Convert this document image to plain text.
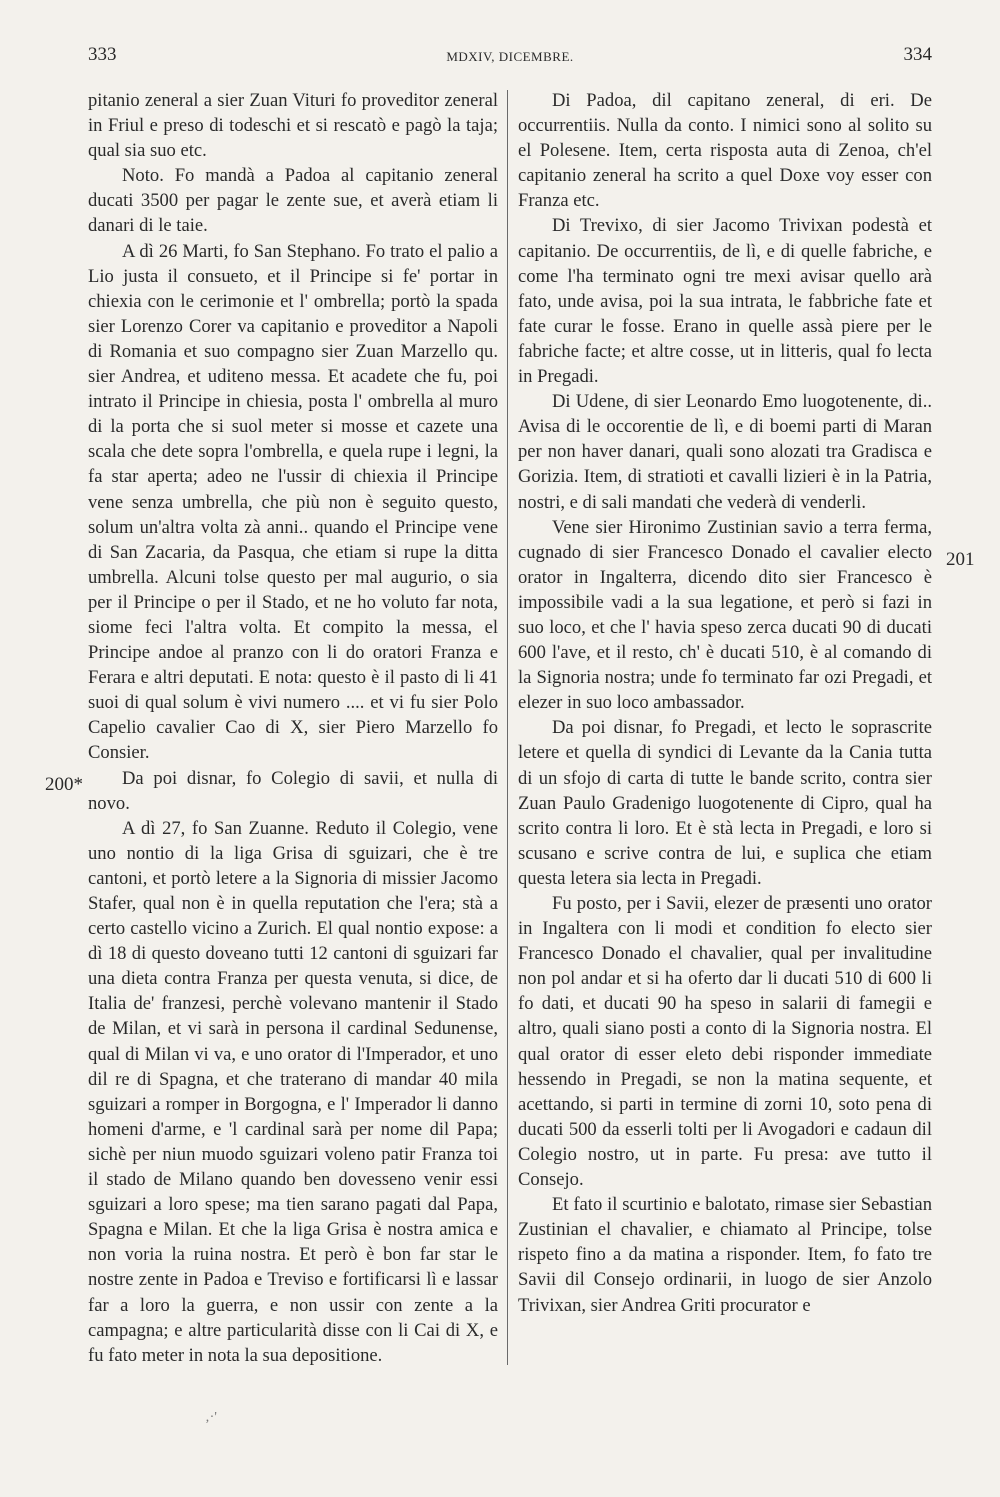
333	MDXIV, DICEMBRE.	334
200*
201

pitanio zeneral a sier Zuan Vituri fo proveditor zeneral in Friul e preso di todeschi et si rescatò e pagò la taja; qual sia suo etc.

Noto. Fo mandà a Padoa al capitanio zeneral ducati 3500 per pagar le zente sue, et averà etiam li danari di le taie.

A dì 26 Marti, fo San Stephano. Fo trato el palio a Lio justa il consueto, et il Principe si fe' portar in chiexia con le cerimonie et l' ombrella; portò la spada sier Lorenzo Corer va capitanio e proveditor a Napoli di Romania et suo compagno sier Zuan Marzello qu. sier Andrea, et uditeno messa. Et acadete che fu, poi intrato il Principe in chiesia, posta l' ombrella al muro di la porta che si suol meter si mosse et cazete una scala che dete sopra l'ombrella, e quela rupe i legni, la fa star aperta; adeo ne l'ussir di chiexia il Principe vene senza umbrella, che più non è seguito questo, solum un'altra volta zà anni.. quando el Principe vene di San Zacaria, da Pasqua, che etiam si rupe la ditta umbrella. Alcuni tolse questo per mal augurio, o sia per il Principe o per il Stado, et ne ho voluto far nota, siome feci l'altra volta. Et compito la messa, el Principe andoe al pranzo con li do oratori Franza e Ferara e altri deputati. E nota: questo è il pasto di li 41 suoi di qual solum è vivi numero .... et vi fu sier Polo Capelio cavalier Cao di X, sier Piero Marzello fo Consier.

Da poi disnar, fo Colegio di savii, et nulla di novo.

A dì 27, fo San Zuanne. Reduto il Colegio, vene uno nontio di la liga Grisa di sguizari, che è tre cantoni, et portò letere a la Signoria di missier Jacomo Stafer, qual non è in quella reputation che l'era; stà a certo castello vicino a Zurich. El qual nontio expose: a dì 18 di questo doveano tutti 12 cantoni di sguizari far una dieta contra Franza per questa venuta, si dice, de Italia de' franzesi, perchè volevano mantenir il Stado de Milan, et vi sarà in persona il cardinal Sedunense, qual di Milan vi va, e uno orator di l'Imperador, et uno dil re di Spagna, et che traterano di mandar 40 mila sguizari a romper in Borgogna, e l' Imperador li danno homeni d'arme, e 'l cardinal sarà per nome dil Papa; sichè per niun muodo sguizari voleno patir Franza toi il stado de Milano quando ben dovesseno venir essi sguizari a loro spese; ma tien sarano pagati dal Papa, Spagna e Milan. Et che la liga Grisa è nostra amica e non voria la ruina nostra. Et però è bon far star le nostre zente in Padoa e Treviso e fortificarsi lì e lassar far a loro la guerra, e non ussir con zente a la campagna; e altre particularità disse con li Cai di X, e fu fato meter in nota la sua depositione.

Di Padoa, dil capitano zeneral, di eri. De occurrentiis. Nulla da conto. I nimici sono al solito su el Polesene. Item, certa risposta auta di Zenoa, ch'el capitanio zeneral ha scrito a quel Doxe voy esser con Franza etc.

Di Trevixo, di sier Jacomo Trivixan podestà et capitanio. De occurrentiis, de lì, e di quelle fabriche, e come l'ha terminato ogni tre mexi avisar quello arà fato, unde avisa, poi la sua intrata, le fabbriche fate et fate curar le fosse. Erano in quelle assà piere per le fabriche facte; et altre cosse, ut in litteris, qual fo lecta in Pregadi.

Di Udene, di sier Leonardo Emo luogotenente, di.. Avisa di le occorentie de lì, e di boemi parti di Maran per non haver danari, quali sono alozati tra Gradisca e Gorizia. Item, di stratioti et cavalli lizieri è in la Patria, nostri, e di sali mandati che vederà di venderli.

Vene sier Hironimo Zustinian savio a terra ferma, cugnado di sier Francesco Donado el cavalier electo orator in Ingalterra, dicendo dito sier Francesco è impossibile vadi a la sua legatione, et però si fazi in suo loco, et che l' havia speso zerca ducati 90 di ducati 600 l'ave, et il resto, ch' è ducati 510, è al comando di la Signoria nostra; unde fo terminato far ozi Pregadi, et elezer in suo loco ambassador.

Da poi disnar, fo Pregadi, et lecto le soprascrite letere et quella di syndici di Levante da la Cania tutta di un sfojo di carta di tutte le bande scrito, contra sier Zuan Paulo Gradenigo luogotenente di Cipro, qual ha scrito contra li loro. Et è stà lecta in Pregadi, e loro si scusano e scrive contra de lui, e suplica che etiam questa letera sia lecta in Pregadi.

Fu posto, per i Savii, elezer de præsenti uno orator in Ingaltera con li modi et condition fo electo sier Francesco Donado el chavalier, qual per invalitudine non pol andar et si ha oferto dar li ducati 510 di 600 li fo dati, et ducati 90 ha speso in salarii di famegii e altro, quali siano posti a conto di la Signoria nostra. El qual orator di esser eleto debi risponder immediate hessendo in Pregadi, se non la matina sequente, et acettando, si parti in termine di zorni 10, soto pena di ducati 500 da esserli tolti per li Avogadori e cadaun dil Colegio nostro, ut in parte. Fu presa: ave tutto il Consejo.

Et fato il scurtinio e balotato, rimase sier Sebastian Zustinian el chavalier, e chiamato al Principe, tolse rispeto fino a da matina a risponder. Item, fo fato tre Savii dil Consejo ordinarii, in luogo de sier Anzolo Trivixan, sier Andrea Griti procurator e

‚·'
